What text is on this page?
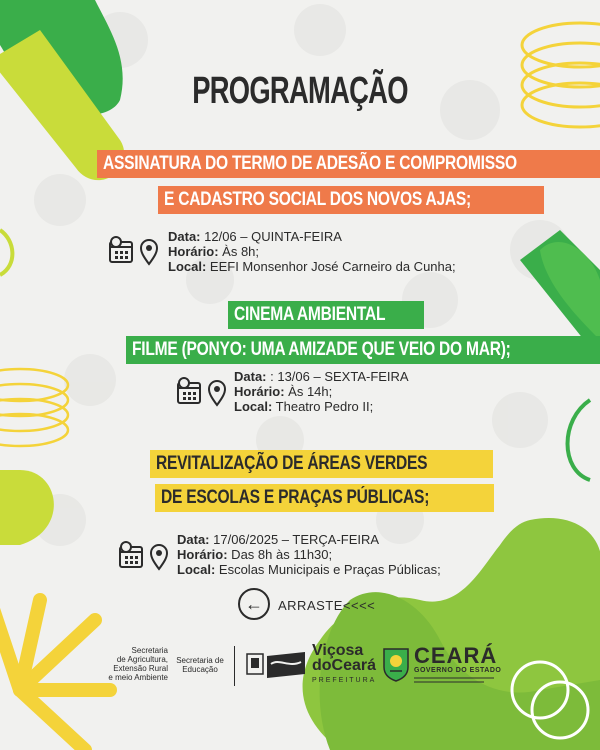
PROGRAMAÇÃO
ASSINATURA DO TERMO DE ADESÃO E COMPROMISSO
E CADASTRO SOCIAL DOS NOVOS AJAS;
Data: 12/06 – QUINTA-FEIRA
Horário: Às 8h;
Local: EEFI Monsenhor José Carneiro da Cunha;
CINEMA AMBIENTAL
FILME (PONYO: UMA AMIZADE QUE VEIO DO MAR);
Data: : 13/06 – SEXTA-FEIRA
Horário: Às 14h;
Local: Theatro Pedro II;
REVITALIZAÇÃO DE ÁREAS VERDES
DE ESCOLAS E PRAÇAS PÚBLICAS;
Data: 17/06/2025 – TERÇA-FEIRA
Horário: Das 8h às 11h30;
Local: Escolas Municipais e Praças Públicas;
← ARRASTE<<<<
Secretaria
de Agricultura,
Extensão Rural
e meio Ambiente
Secretaria de
Educação
Viçosa
doCeará
PREFEITURA
CEARÁ
GOVERNO DO ESTADO
